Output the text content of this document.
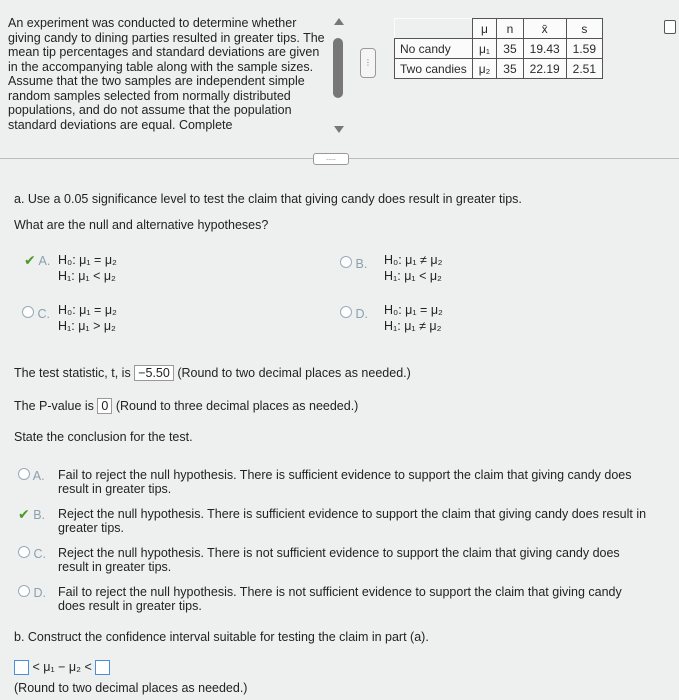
An experiment was conducted to determine whether giving candy to dining parties resulted in greater tips. The mean tip percentages and standard deviations are given in the accompanying table along with the sample sizes. Assume that the two samples are independent simple random samples selected from normally distributed populations, and do not assume that the population standard deviations are equal. Complete
⋮
	μ	n	x̄	s
No candy	μ₁	35	19.43	1.59
Two candies	μ₂	35	22.19	2.51
.....
a. Use a 0.05 significance level to test the claim that giving candy does result in greater tips.
What are the null and alternative hypotheses?
✔ A. H₀: μ₁ = μ₂
H₁: μ₁ < μ₂
B. H₀: μ₁ ≠ μ₂
H₁: μ₁ < μ₂
C. H₀: μ₁ = μ₂
H₁: μ₁ > μ₂
D. H₀: μ₁ = μ₂
H₁: μ₁ ≠ μ₂
The test statistic, t, is −5.50 (Round to two decimal places as needed.)
The P-value is 0 (Round to three decimal places as needed.)
State the conclusion for the test.
A. Fail to reject the null hypothesis. There is sufficient evidence to support the claim that giving candy does result in greater tips.
✔ B. Reject the null hypothesis. There is sufficient evidence to support the claim that giving candy does result in greater tips.
C. Reject the null hypothesis. There is not sufficient evidence to support the claim that giving candy does result in greater tips.
D. Fail to reject the null hypothesis. There is not sufficient evidence to support the claim that giving candy does result in greater tips.
b. Construct the confidence interval suitable for testing the claim in part (a).
< μ₁ − μ₂ <
(Round to two decimal places as needed.)
